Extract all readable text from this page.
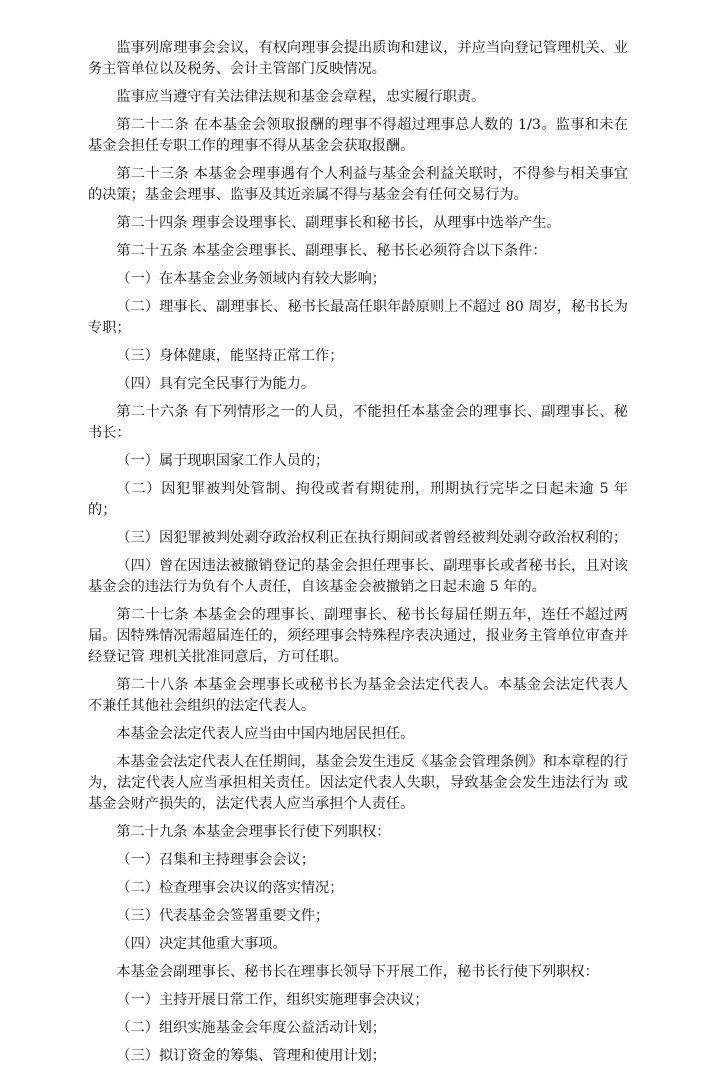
监事列席理事会会议，有权向理事会提出质询和建议，并应当向登记管理机关、业务主管单位以及税务、会计主管部门反映情况。

监事应当遵守有关法律法规和基金会章程，忠实履行职责。

第二十二条 在本基金会领取报酬的理事不得超过理事总人数的 1/3。监事和未在基金会担任专职工作的理事不得从基金会获取报酬。

第二十三条 本基金会理事遇有个人利益与基金会利益关联时，不得参与相关事宜的决策；基金会理事、监事及其近亲属不得与基金会有任何交易行为。

第二十四条 理事会设理事长、副理事长和秘书长，从理事中选举产生。

第二十五条 本基金会理事长、副理事长、秘书长必须符合以下条件：

（一）在本基金会业务领域内有较大影响；

（二）理事长、副理事长、秘书长最高任职年龄原则上不超过 80 周岁，秘书长为专职；

（三）身体健康，能坚持正常工作；

（四）具有完全民事行为能力。

第二十六条 有下列情形之一的人员，不能担任本基金会的理事长、副理事长、秘书长：

（一）属于现职国家工作人员的；

（二）因犯罪被判处管制、拘役或者有期徒刑，刑期执行完毕之日起未逾 5 年的；

（三）因犯罪被判处剥夺政治权利正在执行期间或者曾经被判处剥夺政治权利的；

（四）曾在因违法被撤销登记的基金会担任理事长、副理事长或者秘书长，且对该基金会的违法行为负有个人责任，自该基金会被撤销之日起未逾 5 年的。

第二十七条 本基金会的理事长、副理事长、秘书长每届任期五年，连任不超过两届。因特殊情况需超届连任的，须经理事会特殊程序表决通过，报业务主管单位审查并经登记管 理机关批准同意后，方可任职。

第二十八条 本基金会理事长或秘书长为基金会法定代表人。本基金会法定代表人不兼任其他社会组织的法定代表人。

本基金会法定代表人应当由中国内地居民担任。

本基金会法定代表人在任期间，基金会发生违反《基金会管理条例》和本章程的行为，法定代表人应当承担相关责任。因法定代表人失职，导致基金会发生违法行为 或基金会财产损失的，法定代表人应当承担个人责任。

第二十九条 本基金会理事长行使下列职权：

（一）召集和主持理事会会议；

（二）检查理事会决议的落实情况；

（三）代表基金会签署重要文件；

（四）决定其他重大事项。

本基金会副理事长、秘书长在理事长领导下开展工作，秘书长行使下列职权：

（一）主持开展日常工作，组织实施理事会决议；

（二）组织实施基金会年度公益活动计划；

（三）拟订资金的筹集、管理和使用计划；
